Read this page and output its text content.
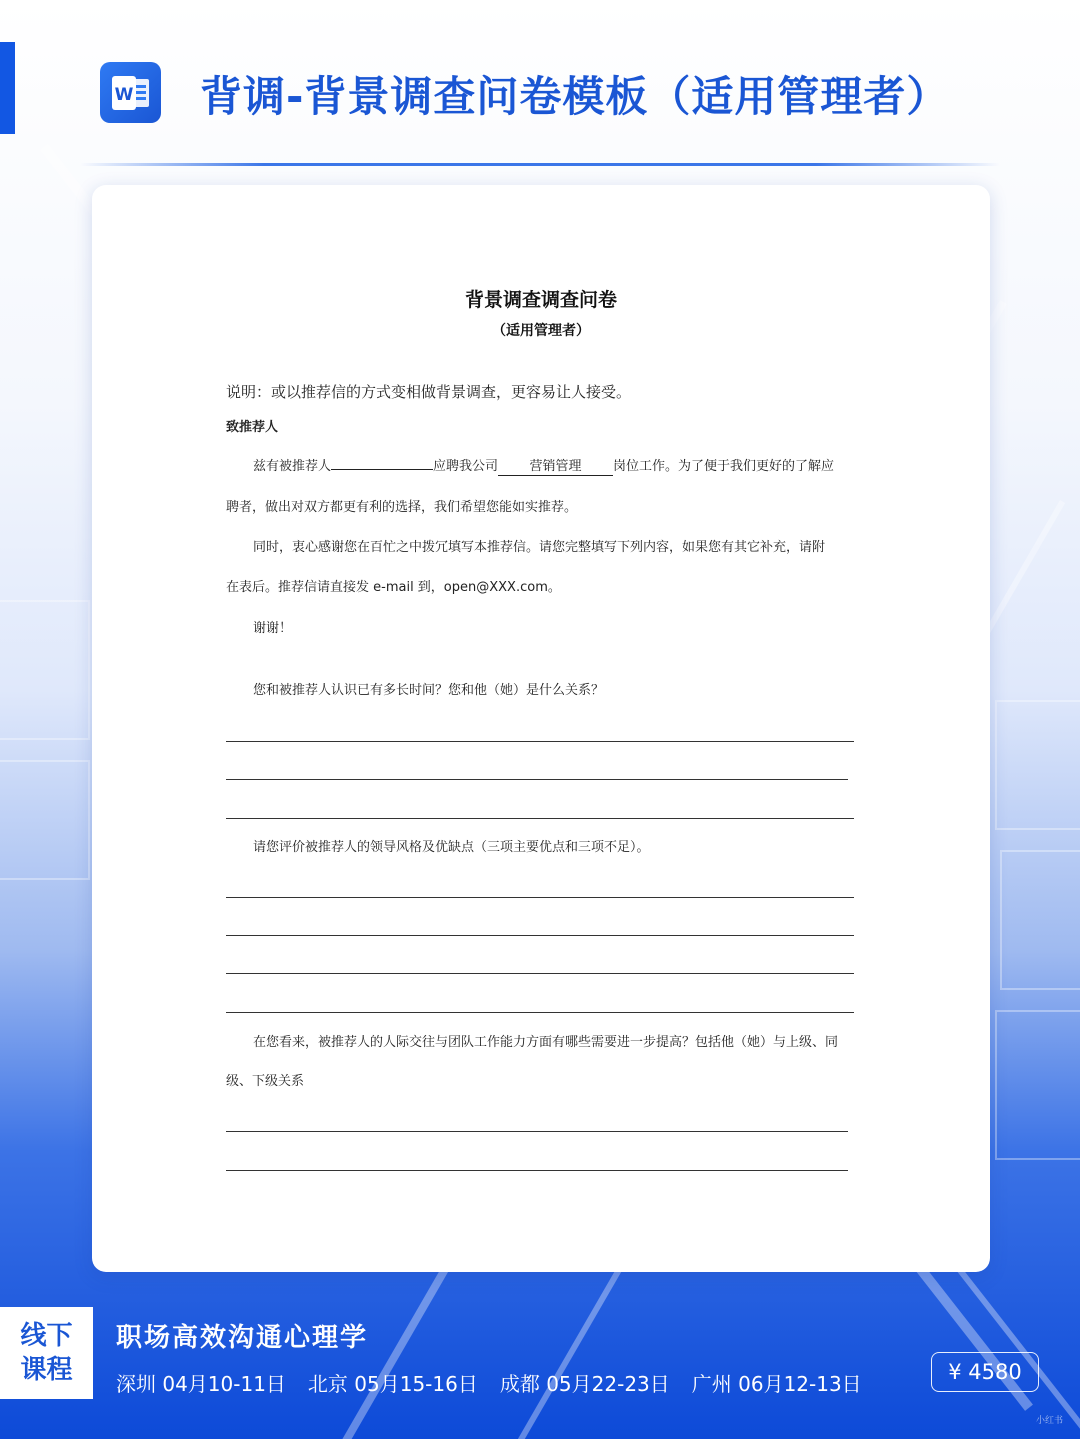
W 背调-背景调查问卷模板（适用管理者）
背景调查调查问卷
（适用管理者）
说明：或以推荐信的方式变相做背景调查，更容易让人接受。
致推荐人
兹有被推荐人	应聘我公司 营销管理 岗位工作。为了便于我们更好的了解应
聘者，做出对双方都更有利的选择，我们希望您能如实推荐。
同时，衷心感谢您在百忙之中拨冗填写本推荐信。请您完整填写下列内容，如果您有其它补充，请附
在表后。推荐信请直接发 e-mail 到，open@XXX.com。
谢谢！
您和被推荐人认识已有多长时间？您和他（她）是什么关系？
请您评价被推荐人的领导风格及优缺点（三项主要优点和三项不足）。
在您看来，被推荐人的人际交往与团队工作能力方面有哪些需要进一步提高？包括他（她）与上级、同
级、下级关系
线下
课程
职场高效沟通心理学
深圳 04月10-11日 北京 05月15-16日 成都 05月22-23日 广州 06月12-13日	¥ 4580
小红书
